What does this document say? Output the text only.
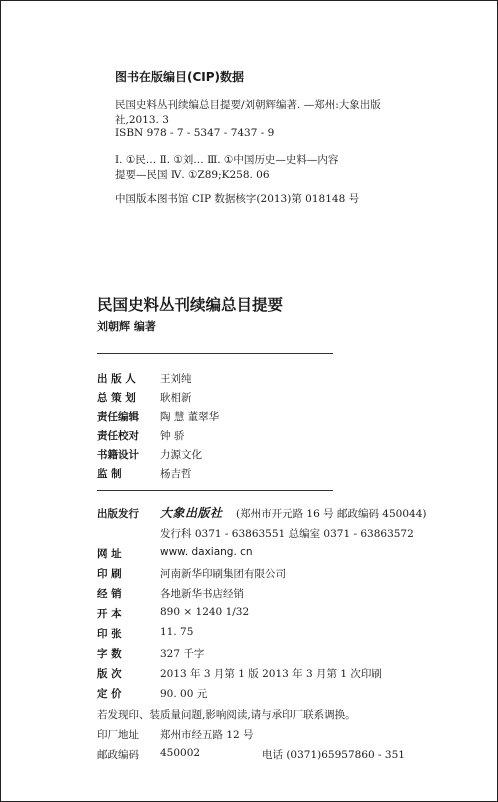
图书在版编目(CIP)数据
民国史料丛刊续编总目提要/刘朝辉编著. —郑州:大象出版
社,2013. 3
ISBN 978 - 7 - 5347 - 7437 - 9
Ⅰ. ①民… Ⅱ. ①刘… Ⅲ. ①中国历史—史料—内容
提要—民国 Ⅳ. ①Z89;K258. 06
中国版本图书馆 CIP 数据核字(2013)第 018148 号
民国史料丛刊续编总目提要
刘朝辉 编著
出 版 人 王刘纯
总 策 划 耿相新
责任编辑 陶 慧 董翠华
责任校对 钟 骄
书籍设计 力源文化
监 制	杨吉哲
出版发行 大象出版社 (郑州市开元路 16 号 邮政编码 450044)
发行科 0371 - 63863551 总编室 0371 - 63863572
网 址	www. daxiang. cn
印 刷	河南新华印刷集团有限公司
经 销	各地新华书店经销
开 本	890 × 1240 1/32
印 张	11. 75
字 数	327 千字
版 次	2013 年 3 月第 1 版 2013 年 3 月第 1 次印刷
定 价	90. 00 元
若发现印、装质量问题,影响阅读,请与承印厂联系调换。
印厂地址 郑州市经五路 12 号
邮政编码 450002	电话 (0371)65957860 - 351
